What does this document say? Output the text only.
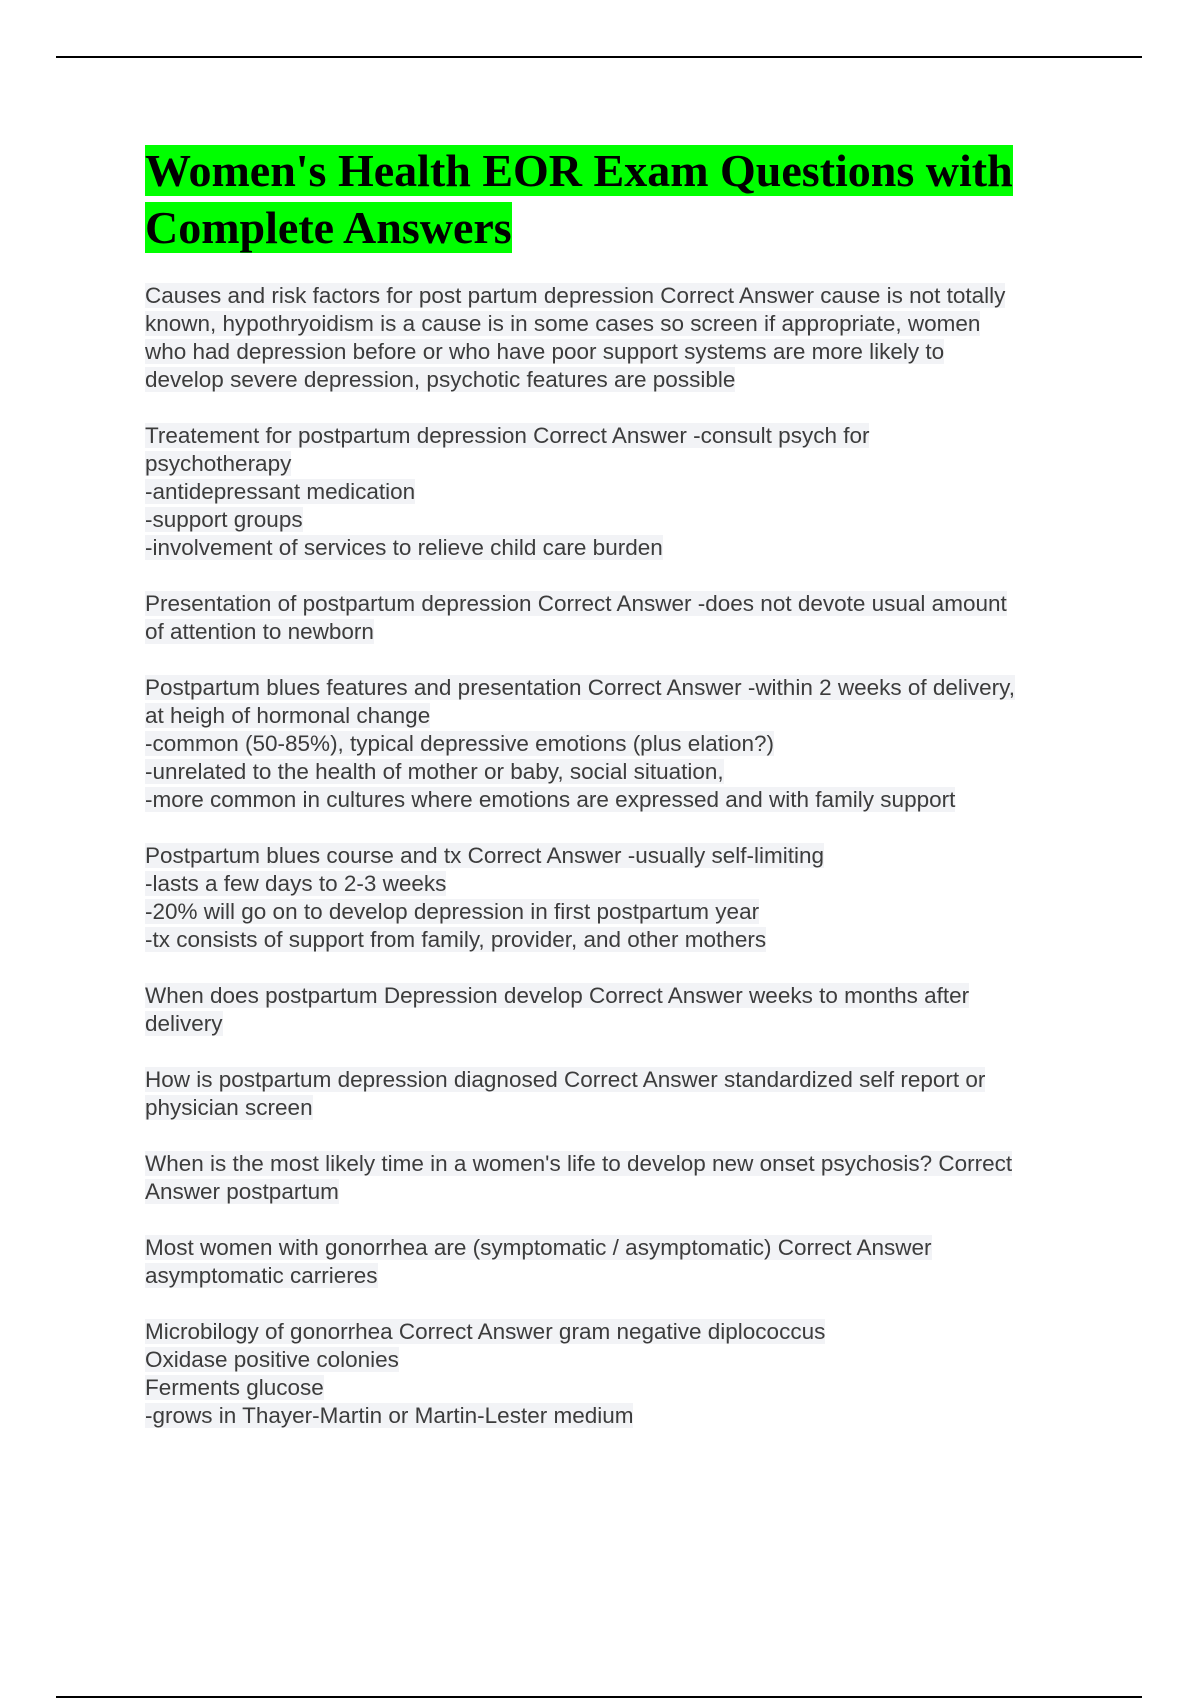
Women's Health EOR Exam Questions with
Complete Answers
Causes and risk factors for post partum depression Correct Answer cause is not totally
known, hypothryoidism is a cause is in some cases so screen if appropriate, women
who had depression before or who have poor support systems are more likely to
develop severe depression, psychotic features are possible
Treatement for postpartum depression Correct Answer -consult psych for
psychotherapy
-antidepressant medication
-support groups
-involvement of services to relieve child care burden
Presentation of postpartum depression Correct Answer -does not devote usual amount
of attention to newborn
Postpartum blues features and presentation Correct Answer -within 2 weeks of delivery,
at heigh of hormonal change
-common (50-85%), typical depressive emotions (plus elation?)
-unrelated to the health of mother or baby, social situation,
-more common in cultures where emotions are expressed and with family support
Postpartum blues course and tx Correct Answer -usually self-limiting
-lasts a few days to 2-3 weeks
-20% will go on to develop depression in first postpartum year
-tx consists of support from family, provider, and other mothers
When does postpartum Depression develop Correct Answer weeks to months after
delivery
How is postpartum depression diagnosed Correct Answer standardized self report or
physician screen
When is the most likely time in a women's life to develop new onset psychosis? Correct
Answer postpartum
Most women with gonorrhea are (symptomatic / asymptomatic) Correct Answer
asymptomatic carrieres
Microbilogy of gonorrhea Correct Answer gram negative diplococcus
Oxidase positive colonies
Ferments glucose
-grows in Thayer-Martin or Martin-Lester medium
